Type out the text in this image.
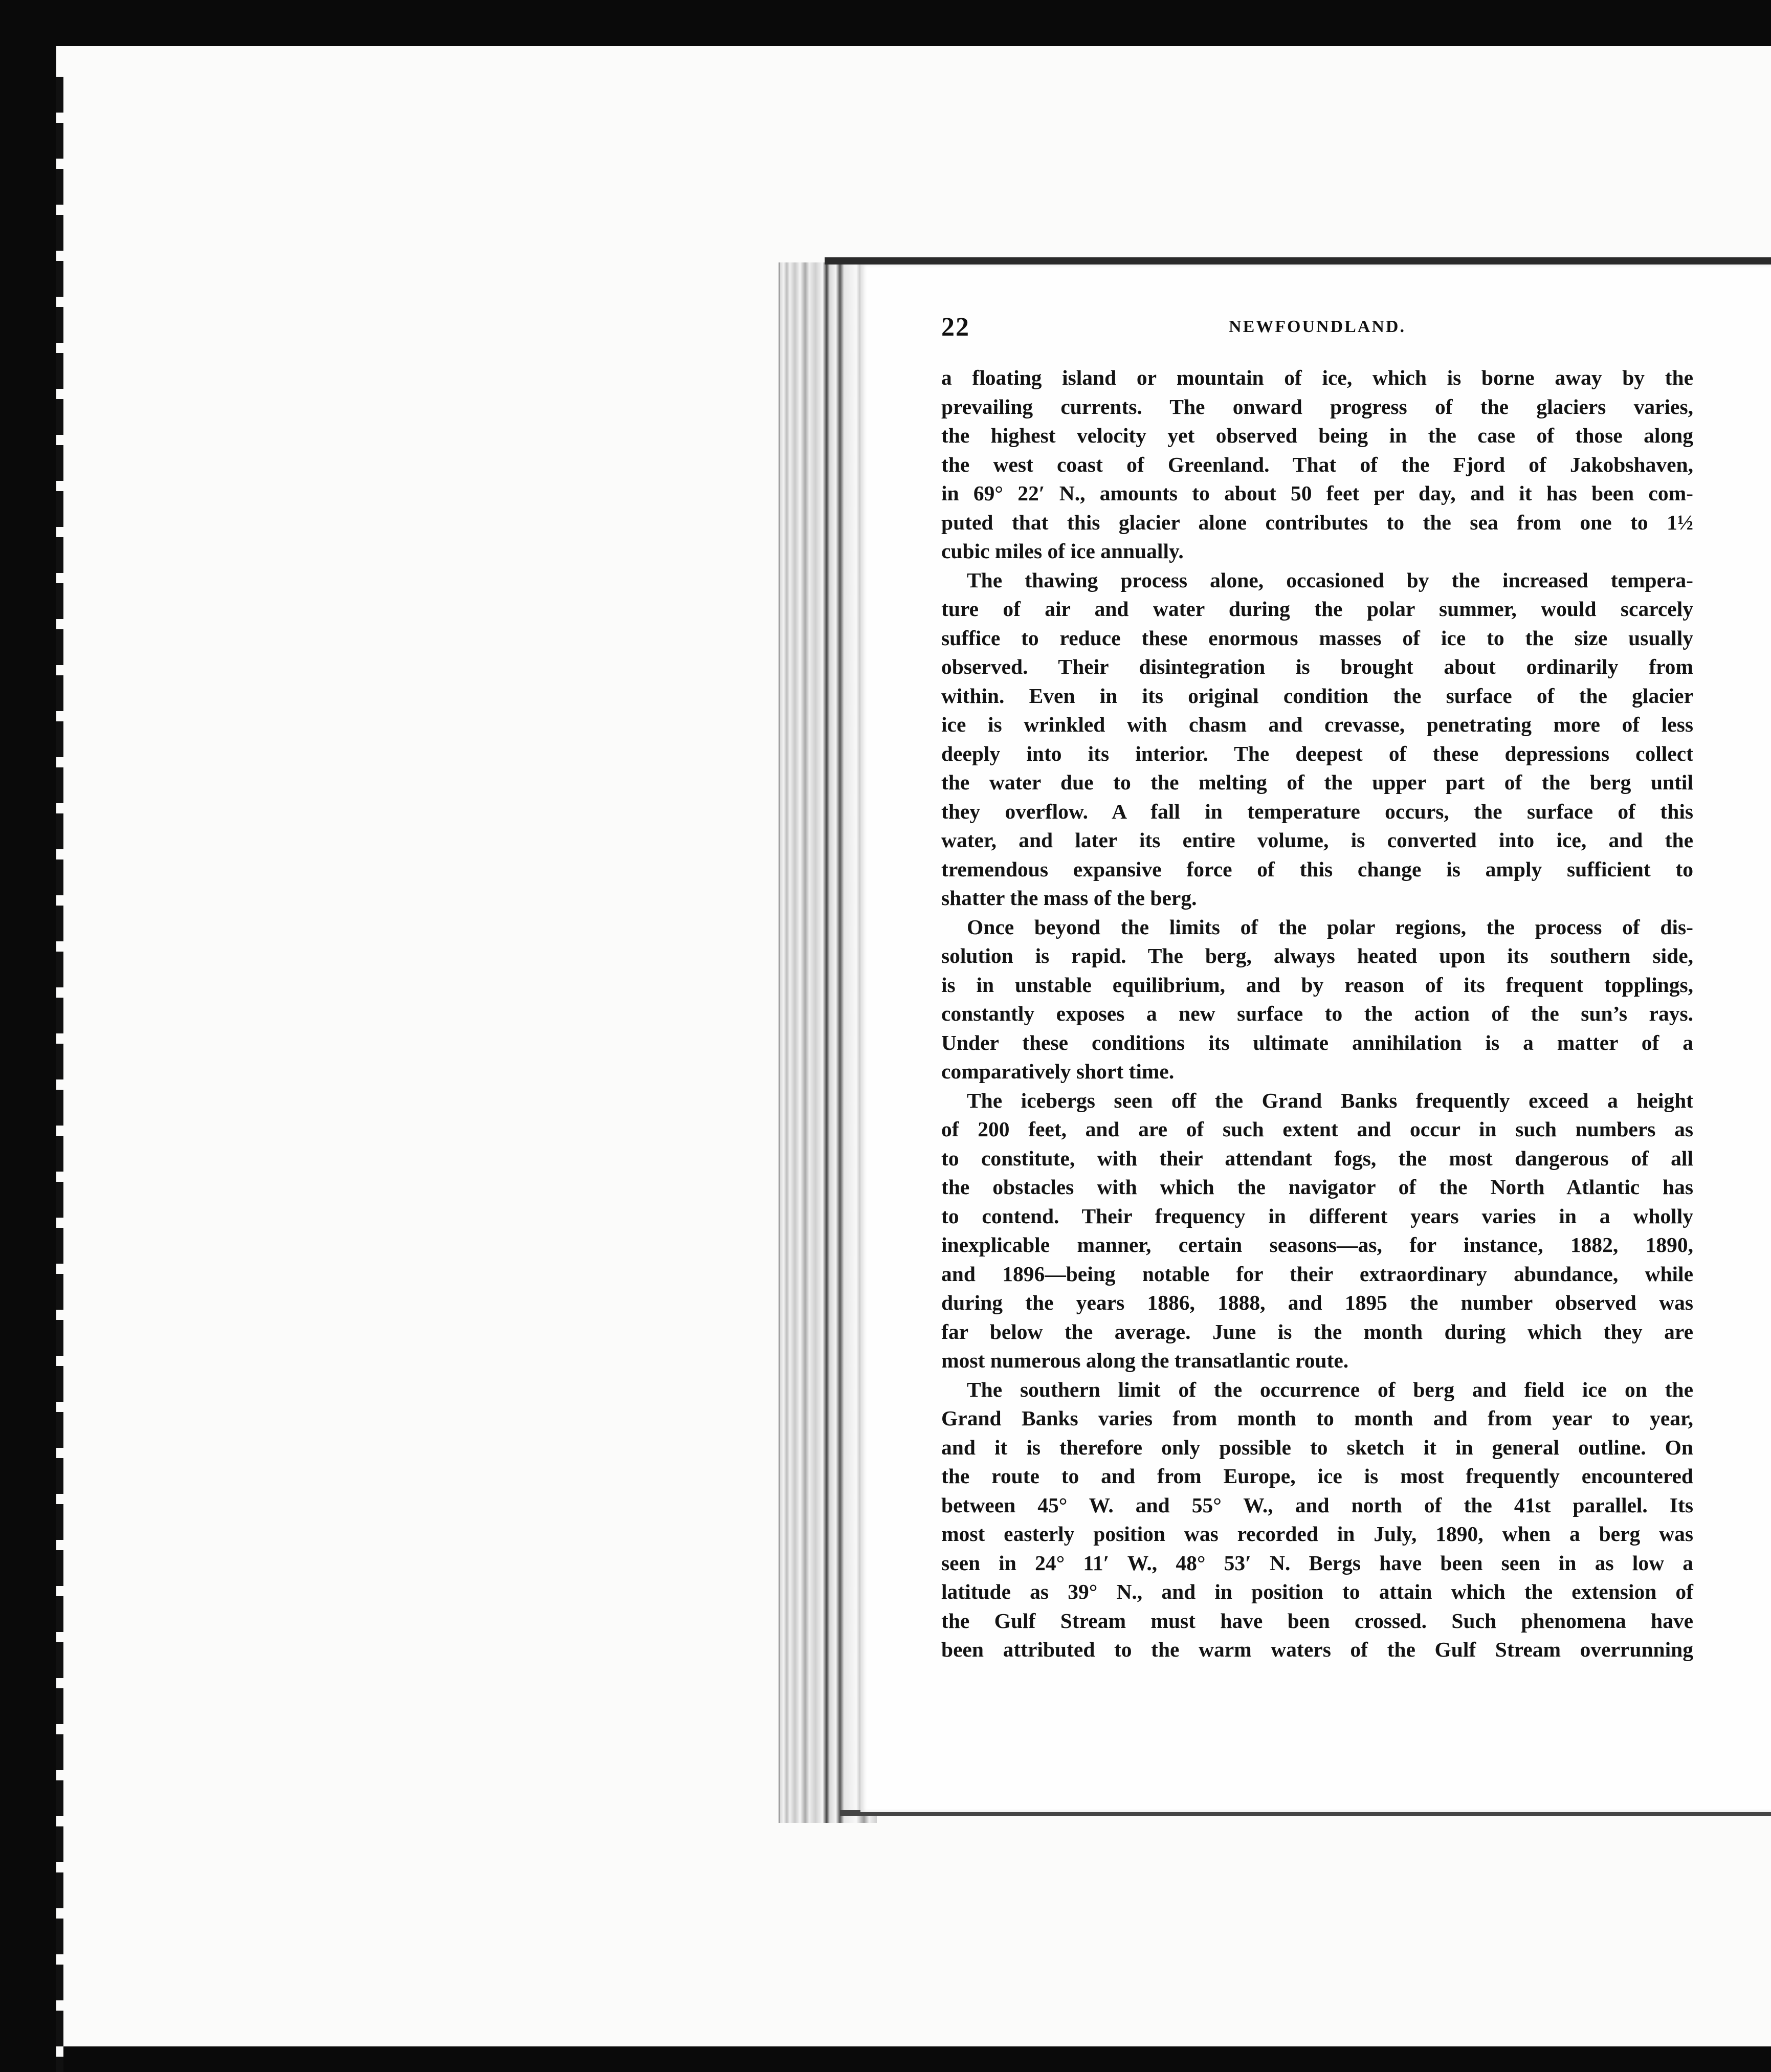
22	NEWFOUNDLAND.
a floating island or mountain of ice, which is borne away by the
prevailing currents. The onward progress of the glaciers varies,
the highest velocity yet observed being in the case of those along
the west coast of Greenland. That of the Fjord of Jakobshaven,
in 69° 22′ N., amounts to about 50 feet per day, and it has been com-
puted that this glacier alone contributes to the sea from one to 1½
cubic miles of ice annually.
The thawing process alone, occasioned by the increased tempera-
ture of air and water during the polar summer, would scarcely
suffice to reduce these enormous masses of ice to the size usually
observed. Their disintegration is brought about ordinarily from
within. Even in its original condition the surface of the glacier
ice is wrinkled with chasm and crevasse, penetrating more of less
deeply into its interior. The deepest of these depressions collect
the water due to the melting of the upper part of the berg until
they overflow. A fall in temperature occurs, the surface of this
water, and later its entire volume, is converted into ice, and the
tremendous expansive force of this change is amply sufficient to
shatter the mass of the berg.
Once beyond the limits of the polar regions, the process of dis-
solution is rapid. The berg, always heated upon its southern side,
is in unstable equilibrium, and by reason of its frequent topplings,
constantly exposes a new surface to the action of the sun’s rays.
Under these conditions its ultimate annihilation is a matter of a
comparatively short time.
The icebergs seen off the Grand Banks frequently exceed a height
of 200 feet, and are of such extent and occur in such numbers as
to constitute, with their attendant fogs, the most dangerous of all
the obstacles with which the navigator of the North Atlantic has
to contend. Their frequency in different years varies in a wholly
inexplicable manner, certain seasons—as, for instance, 1882, 1890,
and 1896—being notable for their extraordinary abundance, while
during the years 1886, 1888, and 1895 the number observed was
far below the average. June is the month during which they are
most numerous along the transatlantic route.
The southern limit of the occurrence of berg and field ice on the
Grand Banks varies from month to month and from year to year,
and it is therefore only possible to sketch it in general outline. On
the route to and from Europe, ice is most frequently encountered
between 45° W. and 55° W., and north of the 41st parallel. Its
most easterly position was recorded in July, 1890, when a berg was
seen in 24° 11′ W., 48° 53′ N. Bergs have been seen in as low a
latitude as 39° N., and in position to attain which the extension of
the Gulf Stream must have been crossed. Such phenomena have
been attributed to the warm waters of the Gulf Stream overrunning
